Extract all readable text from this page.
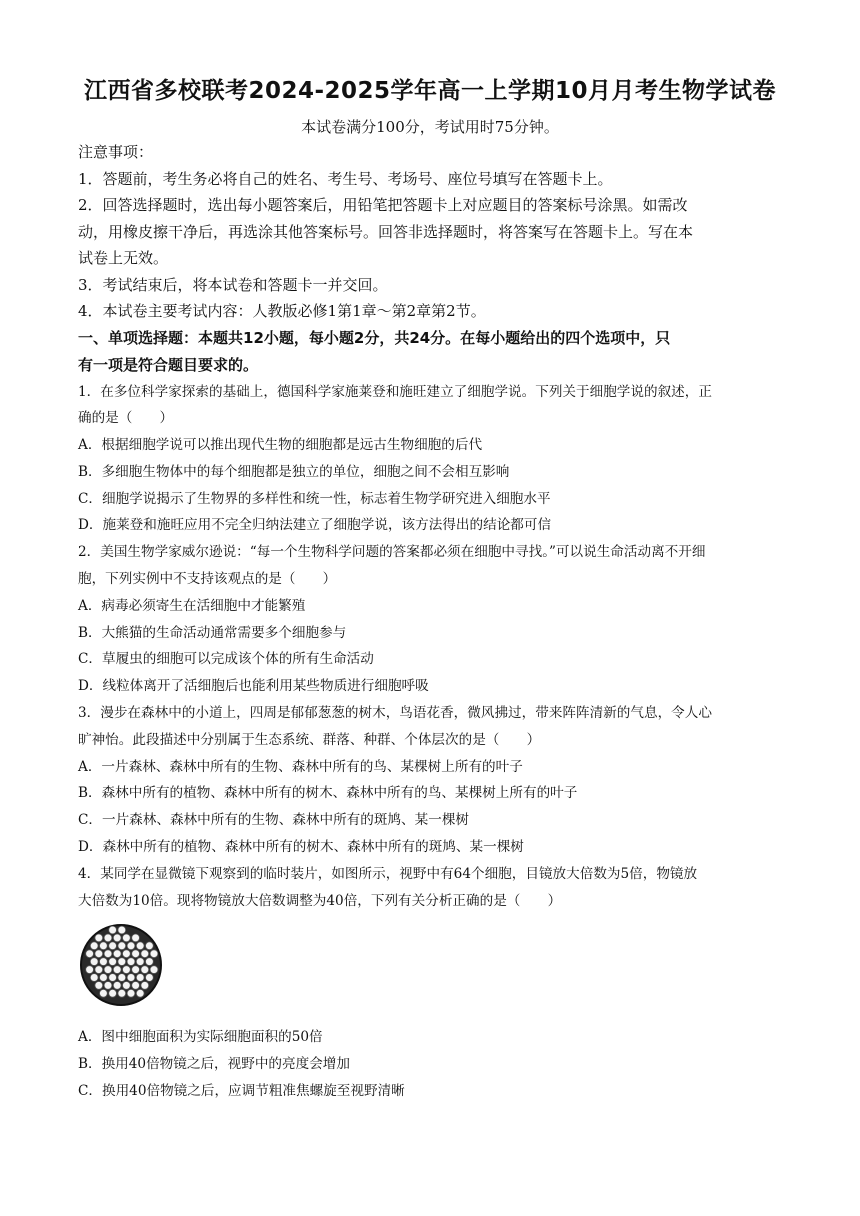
江西省多校联考2024-2025学年高一上学期10月月考生物学试卷
本试卷满分100分，考试用时75分钟。

注意事项：

1．答题前，考生务必将自己的姓名、考生号、考场号、座位号填写在答题卡上。

2．回答选择题时，选出每小题答案后，用铅笔把答题卡上对应题目的答案标号涂黑。如需改

动，用橡皮擦干净后，再选涂其他答案标号。回答非选择题时，将答案写在答题卡上。写在本

试卷上无效。

3．考试结束后，将本试卷和答题卡一并交回。

4．本试卷主要考试内容：人教版必修1第1章～第2章第2节。

一、单项选择题：本题共12小题，每小题2分，共24分。在每小题给出的四个选项中，只

有一项是符合题目要求的。

1．在多位科学家探索的基础上，德国科学家施莱登和施旺建立了细胞学说。下列关于细胞学说的叙述，正

确的是（　　）

A．根据细胞学说可以推出现代生物的细胞都是远古生物细胞的后代

B．多细胞生物体中的每个细胞都是独立的单位，细胞之间不会相互影响

C．细胞学说揭示了生物界的多样性和统一性，标志着生物学研究进入细胞水平

D．施莱登和施旺应用不完全归纳法建立了细胞学说，该方法得出的结论都可信

2．美国生物学家威尔逊说：“每一个生物科学问题的答案都必须在细胞中寻找。”可以说生命活动离不开细

胞，下列实例中不支持该观点的是（　　）

A．病毒必须寄生在活细胞中才能繁殖

B．大熊猫的生命活动通常需要多个细胞参与

C．草履虫的细胞可以完成该个体的所有生命活动

D．线粒体离开了活细胞后也能利用某些物质进行细胞呼吸

3．漫步在森林中的小道上，四周是郁郁葱葱的树木，鸟语花香，微风拂过，带来阵阵清新的气息，令人心

旷神怡。此段描述中分别属于生态系统、群落、种群、个体层次的是（　　）

A．一片森林、森林中所有的生物、森林中所有的鸟、某棵树上所有的叶子

B．森林中所有的植物、森林中所有的树木、森林中所有的鸟、某棵树上所有的叶子

C．一片森林、森林中所有的生物、森林中所有的斑鸠、某一棵树

D．森林中所有的植物、森林中所有的树木、森林中所有的斑鸠、某一棵树

4．某同学在显微镜下观察到的临时装片，如图所示，视野中有64个细胞，目镜放大倍数为5倍，物镜放

大倍数为10倍。现将物镜放大倍数调整为40倍，下列有关分析正确的是（　　）

A．图中细胞面积为实际细胞面积的50倍

B．换用40倍物镜之后，视野中的亮度会增加

C．换用40倍物镜之后，应调节粗准焦螺旋至视野清晰
